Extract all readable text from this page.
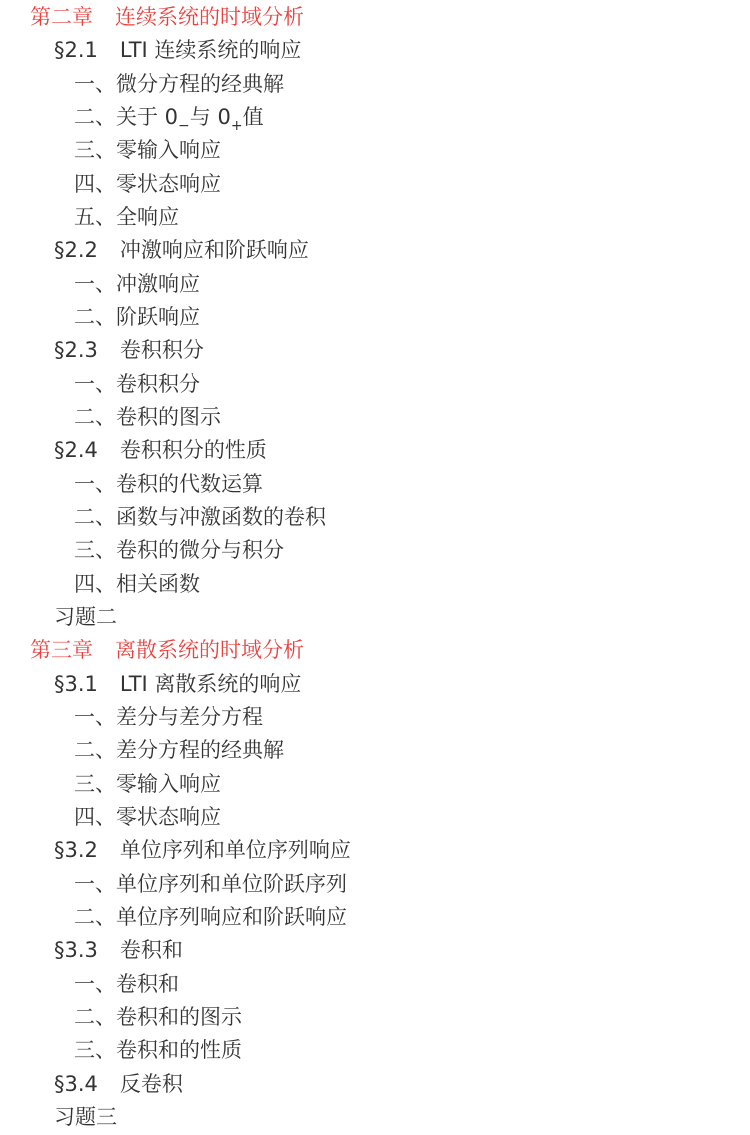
第二章 连续系统的时域分析
§2.1 LTI 连续系统的响应
一、微分方程的经典解
二、关于 $0_-$与 $0_+$值
三、零输入响应
四、零状态响应
五、全响应
§2.2 冲激响应和阶跃响应
一、冲激响应
二、阶跃响应
§2.3 卷积积分
一、卷积积分
二、卷积的图示
§2.4 卷积积分的性质
一、卷积的代数运算
二、函数与冲激函数的卷积
三、卷积的微分与积分
四、相关函数
习题二
第三章 离散系统的时域分析
§3.1 LTI 离散系统的响应
一、差分与差分方程
二、差分方程的经典解
三、零输入响应
四、零状态响应
§3.2 单位序列和单位序列响应
一、单位序列和单位阶跃序列
二、单位序列响应和阶跃响应
§3.3 卷积和
一、卷积和
二、卷积和的图示
三、卷积和的性质
§3.4 反卷积
习题三
